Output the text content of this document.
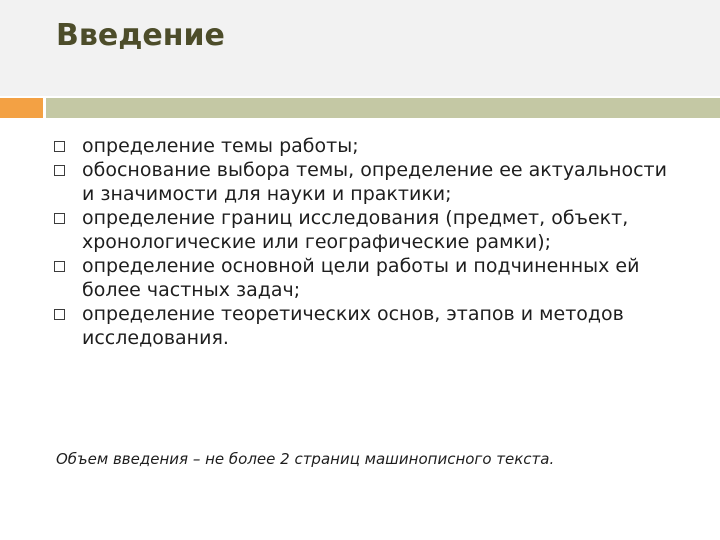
Введение
определение темы работы;
обоснование выбора темы, определение ее актуальности и значимости для науки и практики;
определение границ исследования (предмет, объект, хронологические или географические рамки);
определение основной цели работы и подчиненных ей более частных задач;
определение теоретических основ, этапов и методов исследования.
Объем введения – не более 2 страниц машинописного текста.
